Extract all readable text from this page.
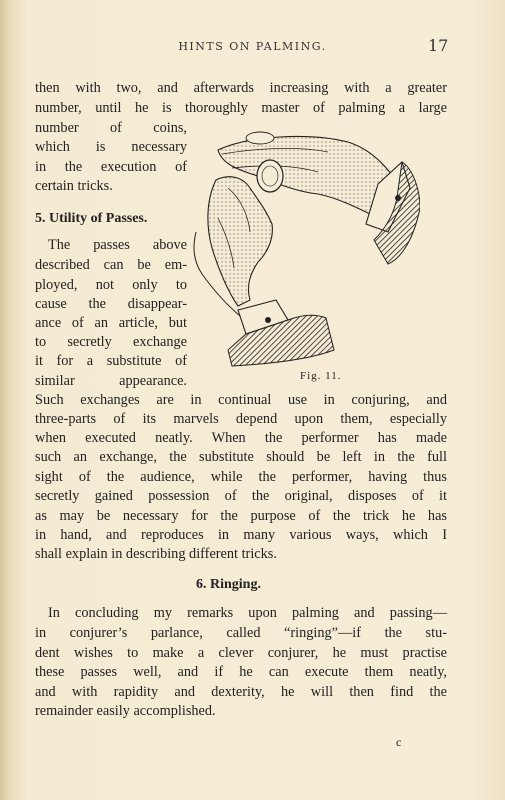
HINTS ON PALMING.	17
then with two, and afterwards increasing with a greater
number, until he is thoroughly master of palming a large
number of coins,
which is necessary
in the execution of
certain tricks.
5. Utility of Passes.
The passes above
described can be em-
ployed, not only to
cause the disappear-
ance of an article, but
to secretly exchange
it for a substitute of
similar appearance.	Fig. 11.
Such exchanges are in continual use in conjuring, and
three-parts of its marvels depend upon them, especially
when executed neatly. When the performer has made
such an exchange, the substitute should be left in the full
sight of the audience, while the performer, having thus
secretly gained possession of the original, disposes of it
as may be necessary for the purpose of the trick he has
in hand, and reproduces in many various ways, which I
shall explain in describing different tricks.
6. Ringing.
In concluding my remarks upon palming and passing—
in conjurer’s parlance, called “ringing”—if the stu-
dent wishes to make a clever conjurer, he must practise
these passes well, and if he can execute them neatly,
and with rapidity and dexterity, he will then find the
remainder easily accomplished.
c
